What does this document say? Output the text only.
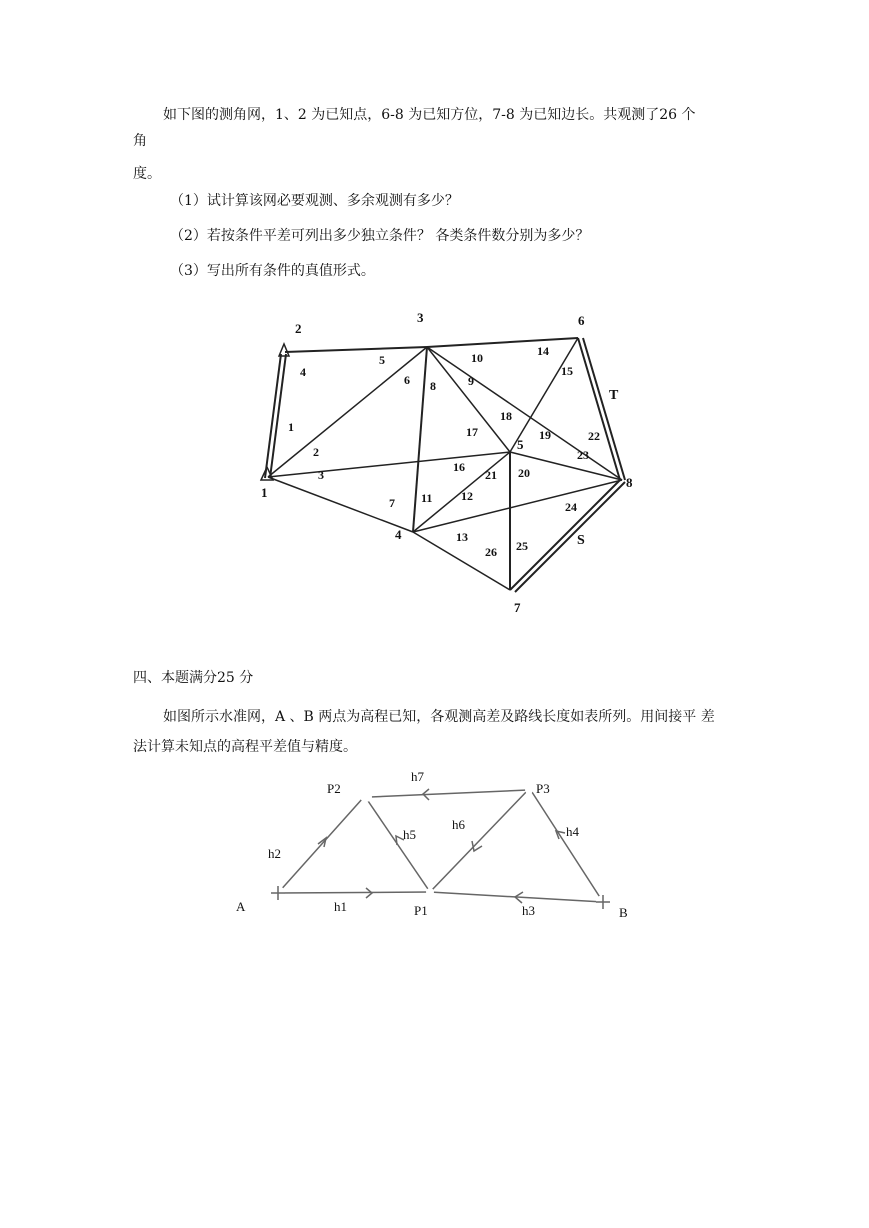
如下图的测角网，1、2 为已知点，6-8 为已知方位，7-8 为已知边长。共观测了26 个
角
度。
（1）试计算该网必要观测、多余观测有多少？
（2）若按条件平差可列出多少独立条件？ 各类条件数分别为多少？
（3）写出所有条件的真值形式。
1
2
3
4
5
6
7
8
1
2
3
4
5
6
7
8	9
10
11 12
13
14
15
16
17
18
19
20
21
22
23
24
25
26
T
S
四、本题满分25 分
如图所示水准网，A 、B 两点为高程已知，各观测高差及路线长度如表所列。用间接平 差
法计算未知点的高程平差值与精度。
A	B
P1
P2	P3
h1
h2
h3
h4
h5
h6
h7
